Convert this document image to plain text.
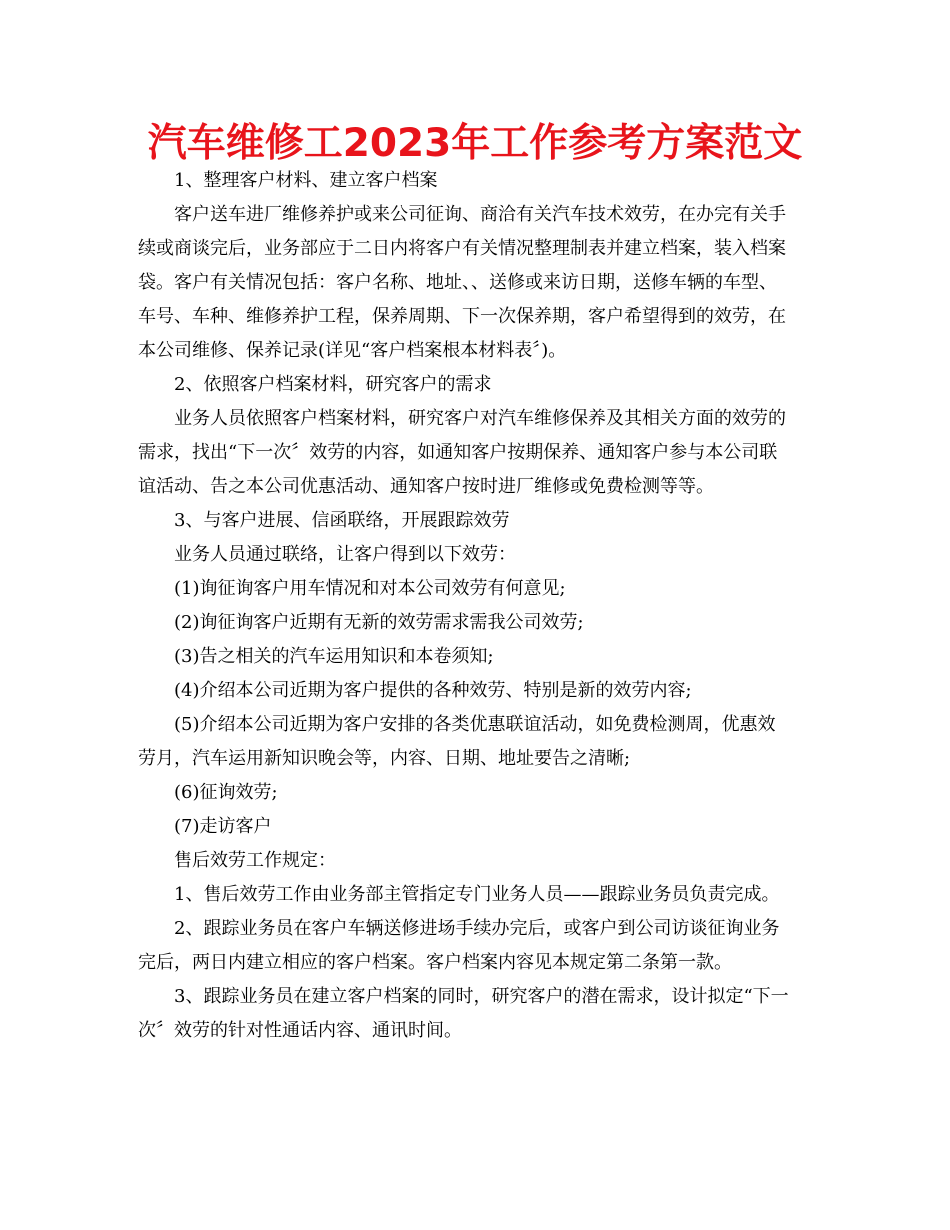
汽车维修工2023年工作参考方案范文

1、整理客户材料、建立客户档案

客户送车进厂维修养护或来公司征询、商洽有关汽车技术效劳，在办完有关手
续或商谈完后，业务部应于二日内将客户有关情况整理制表并建立档案，装入档案
袋。客户有关情况包括：客户名称、地址、、送修或来访日期，送修车辆的车型、
车号、车种、维修养护工程，保养周期、下一次保养期，客户希望得到的效劳，在
本公司维修、保养记录(详见“客户档案根本材料表〞)。

2、依照客户档案材料，研究客户的需求

业务人员依照客户档案材料，研究客户对汽车维修保养及其相关方面的效劳的
需求，找出“下一次〞效劳的内容，如通知客户按期保养、通知客户参与本公司联
谊活动、告之本公司优惠活动、通知客户按时进厂维修或免费检测等等。

3、与客户进展、信函联络，开展跟踪效劳

业务人员通过联络，让客户得到以下效劳：

(1)询征询客户用车情况和对本公司效劳有何意见;

(2)询征询客户近期有无新的效劳需求需我公司效劳;

(3)告之相关的汽车运用知识和本卷须知;

(4)介绍本公司近期为客户提供的各种效劳、特别是新的效劳内容;

(5)介绍本公司近期为客户安排的各类优惠联谊活动，如免费检测周，优惠效
劳月，汽车运用新知识晚会等，内容、日期、地址要告之清晰;

(6)征询效劳;

(7)走访客户

售后效劳工作规定：

1、售后效劳工作由业务部主管指定专门业务人员——跟踪业务员负责完成。

2、跟踪业务员在客户车辆送修进场手续办完后，或客户到公司访谈征询业务
完后，两日内建立相应的客户档案。客户档案内容见本规定第二条第一款。

3、跟踪业务员在建立客户档案的同时，研究客户的潜在需求，设计拟定“下一
次〞效劳的针对性通话内容、通讯时间。
